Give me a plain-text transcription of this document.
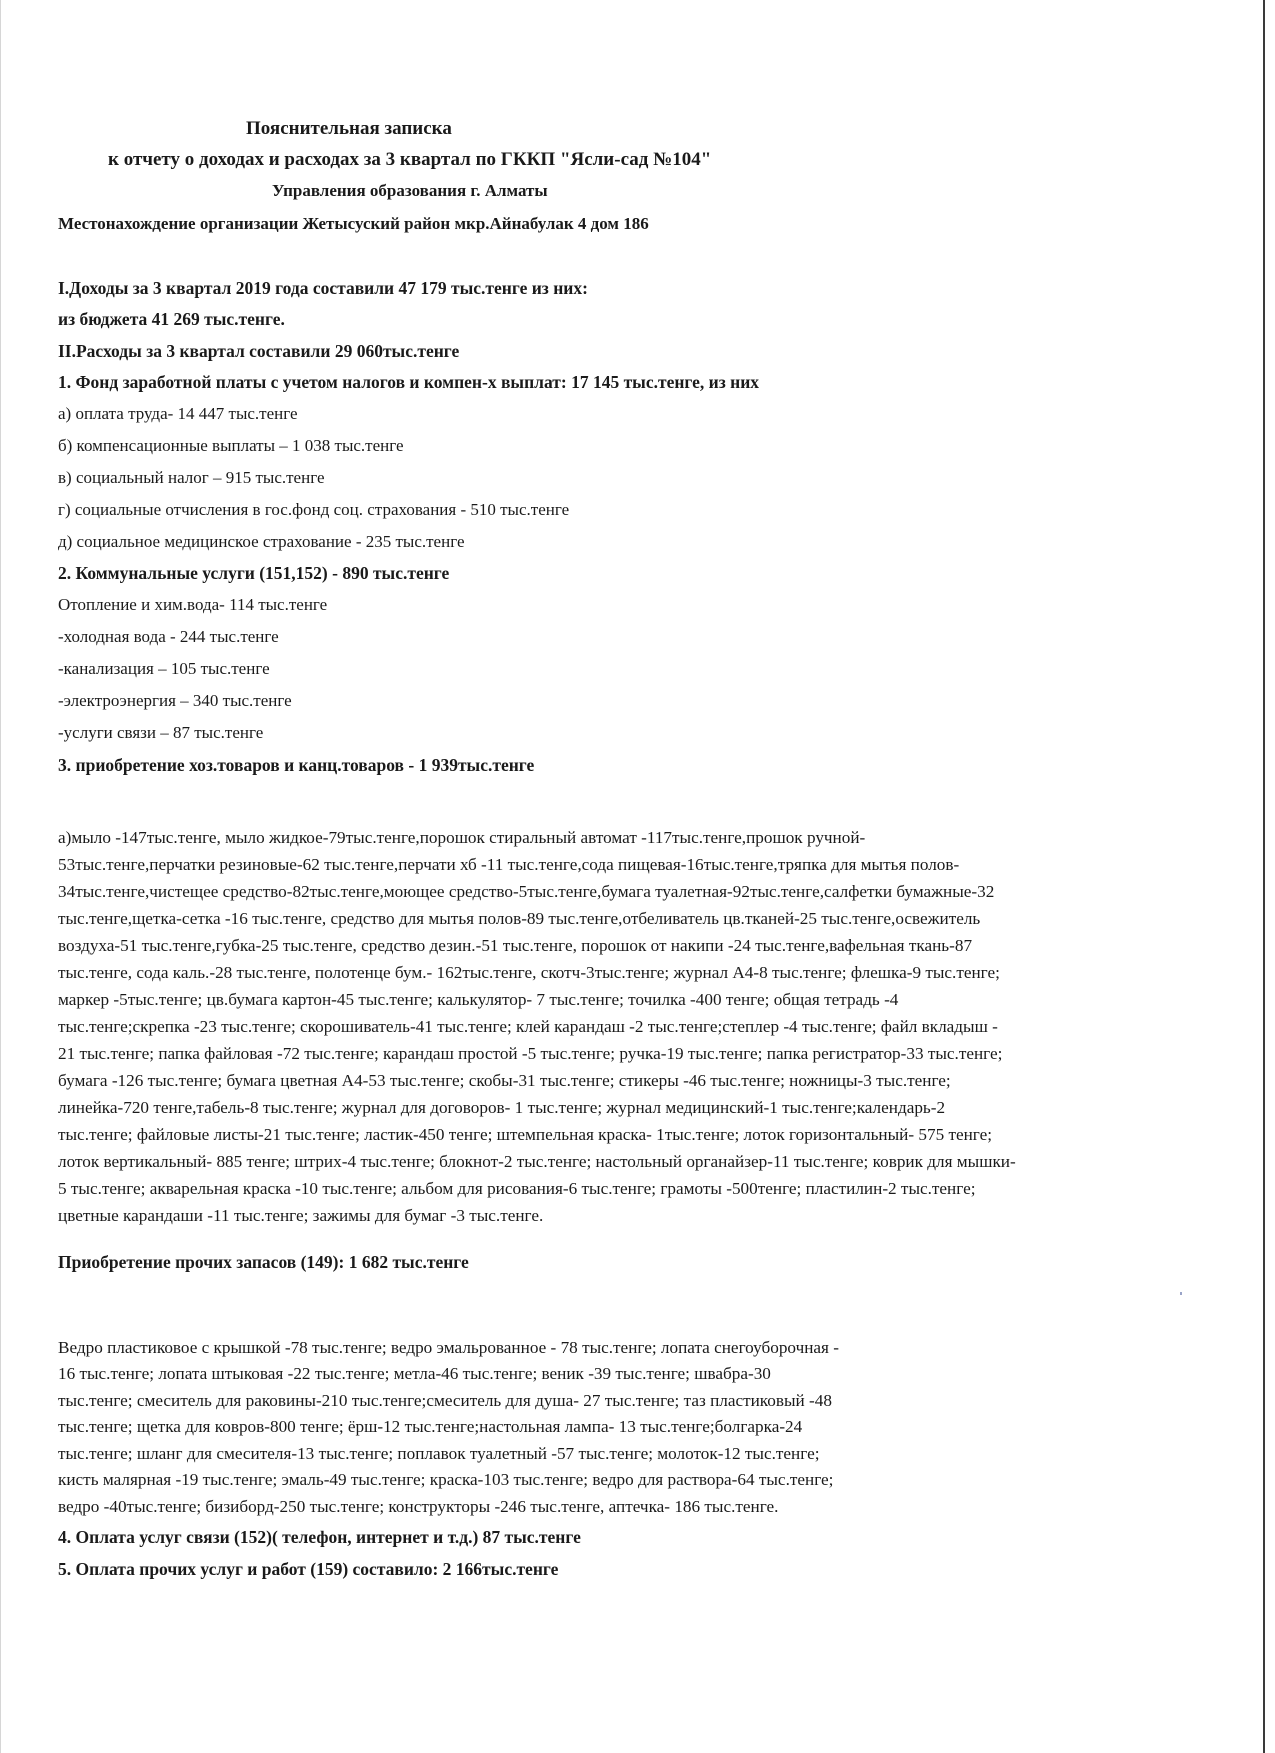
Пояснительная записка

к отчету о доходах и расходах за 3 квартал по ГККП "Ясли-сад №104"

Управления образования г. Алматы

Местонахождение организации Жетысуский район мкр.Айнабулак 4 дом 186

I.Доходы за 3 квартал 2019 года составили 47 179 тыс.тенге из них:

из бюджета 41 269 тыс.тенге.

II.Расходы за 3 квартал составили 29 060тыс.тенге

1. Фонд заработной платы с учетом налогов и компен-х выплат: 17 145 тыс.тенге, из них

а) оплата труда- 14 447 тыс.тенге

б) компенсационные выплаты – 1 038 тыс.тенге

в) социальный налог – 915 тыс.тенге

г) социальные отчисления в гос.фонд соц. страхования - 510 тыс.тенге

д) социальное медицинское страхование - 235 тыс.тенге

2. Коммунальные услуги (151,152) - 890 тыс.тенге

Отопление и хим.вода- 114 тыс.тенге

-холодная вода - 244 тыс.тенге

-канализация – 105 тыс.тенге

-электроэнергия – 340 тыс.тенге

-услуги связи – 87 тыс.тенге

3. приобретение хоз.товаров и канц.товаров - 1 939тыс.тенге

а)мыло -147тыс.тенге, мыло жидкое-79тыс.тенге,порошок стиральный автомат -117тыс.тенге,прошок ручной-

53тыс.тенге,перчатки резиновые-62 тыс.тенге,перчати хб -11 тыс.тенге,сода пищевая-16тыс.тенге,тряпка для мытья полов-

34тыс.тенге,чистещее средство-82тыс.тенге,моющее средство-5тыс.тенге,бумага туалетная-92тыс.тенге,салфетки бумажные-32

тыс.тенге,щетка-сетка -16 тыс.тенге, средство для мытья полов-89 тыс.тенге,отбеливатель цв.тканей-25 тыс.тенге,освежитель

воздуха-51 тыс.тенге,губка-25 тыс.тенге, средство дезин.-51 тыс.тенге, порошок от накипи -24 тыс.тенге,вафельная ткань-87

тыс.тенге, сода каль.-28 тыс.тенге, полотенце бум.- 162тыс.тенге, скотч-3тыс.тенге; журнал А4-8 тыс.тенге; флешка-9 тыс.тенге;

маркер -5тыс.тенге; цв.бумага картон-45 тыс.тенге; калькулятор- 7 тыс.тенге; точилка -400 тенге; общая тетрадь -4

тыс.тенге;скрепка -23 тыс.тенге; скорошиватель-41 тыс.тенге; клей карандаш -2 тыс.тенге;степлер -4 тыс.тенге; файл вкладыш -

21 тыс.тенге; папка файловая -72 тыс.тенге; карандаш простой -5 тыс.тенге; ручка-19 тыс.тенге; папка регистратор-33 тыс.тенге;

бумага -126 тыс.тенге; бумага цветная А4-53 тыс.тенге; скобы-31 тыс.тенге; стикеры -46 тыс.тенге; ножницы-3 тыс.тенге;

линейка-720 тенге,табель-8 тыс.тенге; журнал для договоров- 1 тыс.тенге; журнал медицинский-1 тыс.тенге;календарь-2

тыс.тенге; файловые листы-21 тыс.тенге; ластик-450 тенге; штемпельная краска- 1тыс.тенге; лоток горизонтальный- 575 тенге;

лоток вертикальный- 885 тенге; штрих-4 тыс.тенге; блокнот-2 тыс.тенге; настольный органайзер-11 тыс.тенге; коврик для мышки-

5 тыс.тенге; акварельная краска -10 тыс.тенге; альбом для рисования-6 тыс.тенге; грамоты -500тенге; пластилин-2 тыс.тенге;

цветные карандаши -11 тыс.тенге; зажимы для бумаг -3 тыс.тенге.

Приобретение прочих запасов (149): 1 682 тыс.тенге

Ведро пластиковое с крышкой -78 тыс.тенге; ведро эмальрованное - 78 тыс.тенге; лопата снегоуборочная -

16 тыс.тенге; лопата штыковая -22 тыс.тенге; метла-46 тыс.тенге; веник -39 тыс.тенге; швабра-30

тыс.тенге; смеситель для раковины-210 тыс.тенге;смеситель для душа- 27 тыс.тенге; таз пластиковый -48

тыс.тенге; щетка для ковров-800 тенге; ёрш-12 тыс.тенге;настольная лампа- 13 тыс.тенге;болгарка-24

тыс.тенге; шланг для смесителя-13 тыс.тенге; поплавок туалетный -57 тыс.тенге; молоток-12 тыс.тенге;

кисть малярная -19 тыс.тенге; эмаль-49 тыс.тенге; краска-103 тыс.тенге; ведро для раствора-64 тыс.тенге;

ведро -40тыс.тенге; бизиборд-250 тыс.тенге; конструкторы -246 тыс.тенге, аптечка- 186 тыс.тенге.

4. Оплата услуг связи (152)( телефон, интернет и т.д.) 87 тыс.тенге

5. Оплата прочих услуг и работ (159) составило: 2 166тыс.тенге
